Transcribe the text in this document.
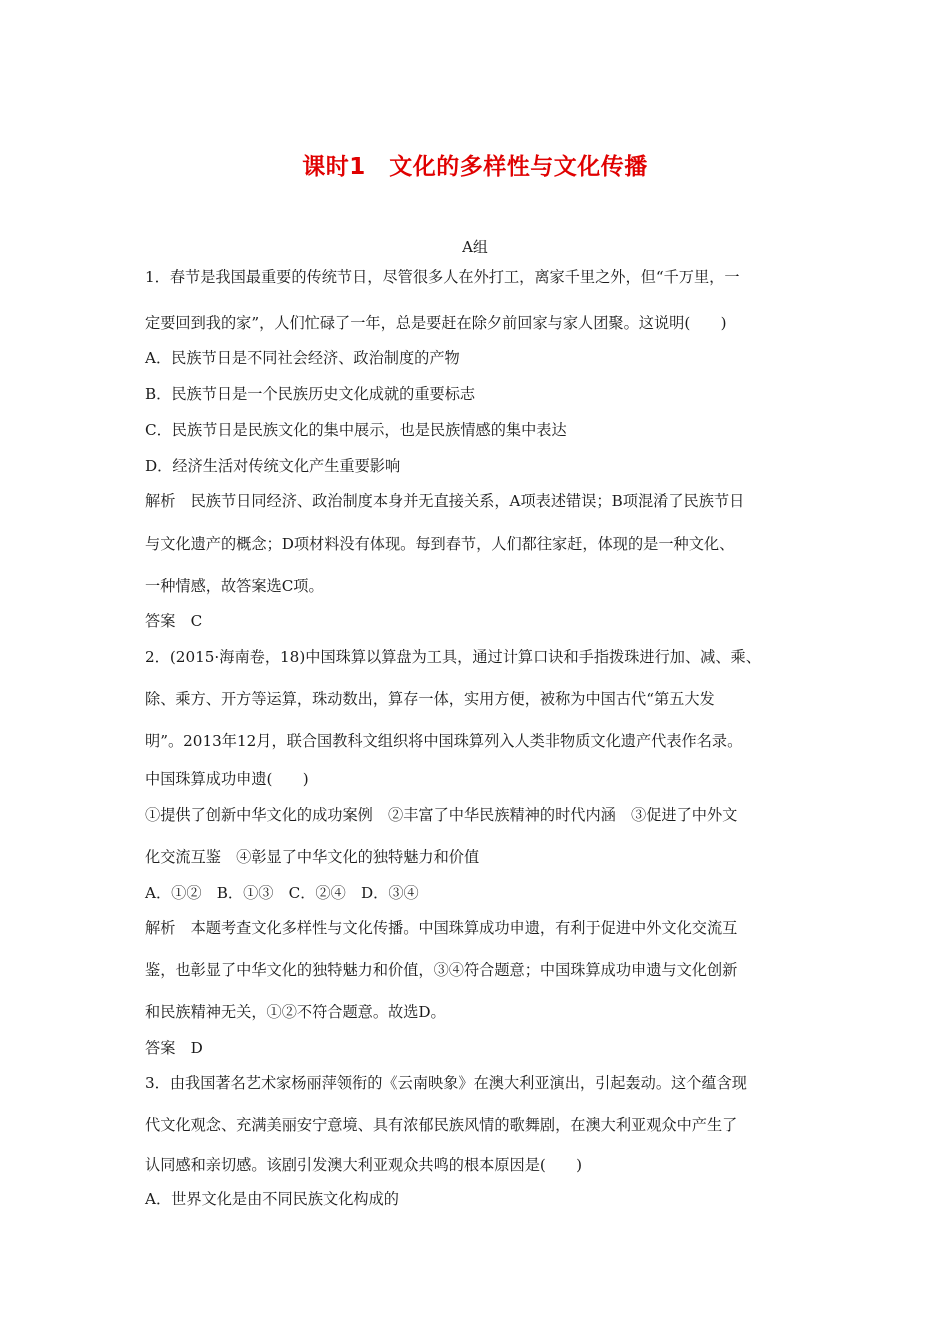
课时1　文化的多样性与文化传播
A组
1．春节是我国最重要的传统节日，尽管很多人在外打工，离家千里之外，但“千万里，一
定要回到我的家”，人们忙碌了一年，总是要赶在除夕前回家与家人团聚。这说明(　　)
A．民族节日是不同社会经济、政治制度的产物
B．民族节日是一个民族历史文化成就的重要标志
C．民族节日是民族文化的集中展示，也是民族情感的集中表达
D．经济生活对传统文化产生重要影响
解析　民族节日同经济、政治制度本身并无直接关系，A项表述错误；B项混淆了民族节日
与文化遗产的概念；D项材料没有体现。每到春节，人们都往家赶，体现的是一种文化、
一种情感，故答案选C项。
答案　C
2．(2015·海南卷，18)中国珠算以算盘为工具，通过计算口诀和手指拨珠进行加、减、乘、
除、乘方、开方等运算，珠动数出，算存一体，实用方便，被称为中国古代“第五大发
明”。2013年12月，联合国教科文组织将中国珠算列入人类非物质文化遗产代表作名录。
中国珠算成功申遗(　　)
①提供了创新中华文化的成功案例　②丰富了中华民族精神的时代内涵　③促进了中外文
化交流互鉴　④彰显了中华文化的独特魅力和价值
A．①②　B．①③　C．②④　D．③④
解析　本题考查文化多样性与文化传播。中国珠算成功申遗，有利于促进中外文化交流互
鉴，也彰显了中华文化的独特魅力和价值，③④符合题意；中国珠算成功申遗与文化创新
和民族精神无关，①②不符合题意。故选D。
答案　D
3．由我国著名艺术家杨丽萍领衔的《云南映象》在澳大利亚演出，引起轰动。这个蕴含现
代文化观念、充满美丽安宁意境、具有浓郁民族风情的歌舞剧，在澳大利亚观众中产生了
认同感和亲切感。该剧引发澳大利亚观众共鸣的根本原因是(　　)
A．世界文化是由不同民族文化构成的
